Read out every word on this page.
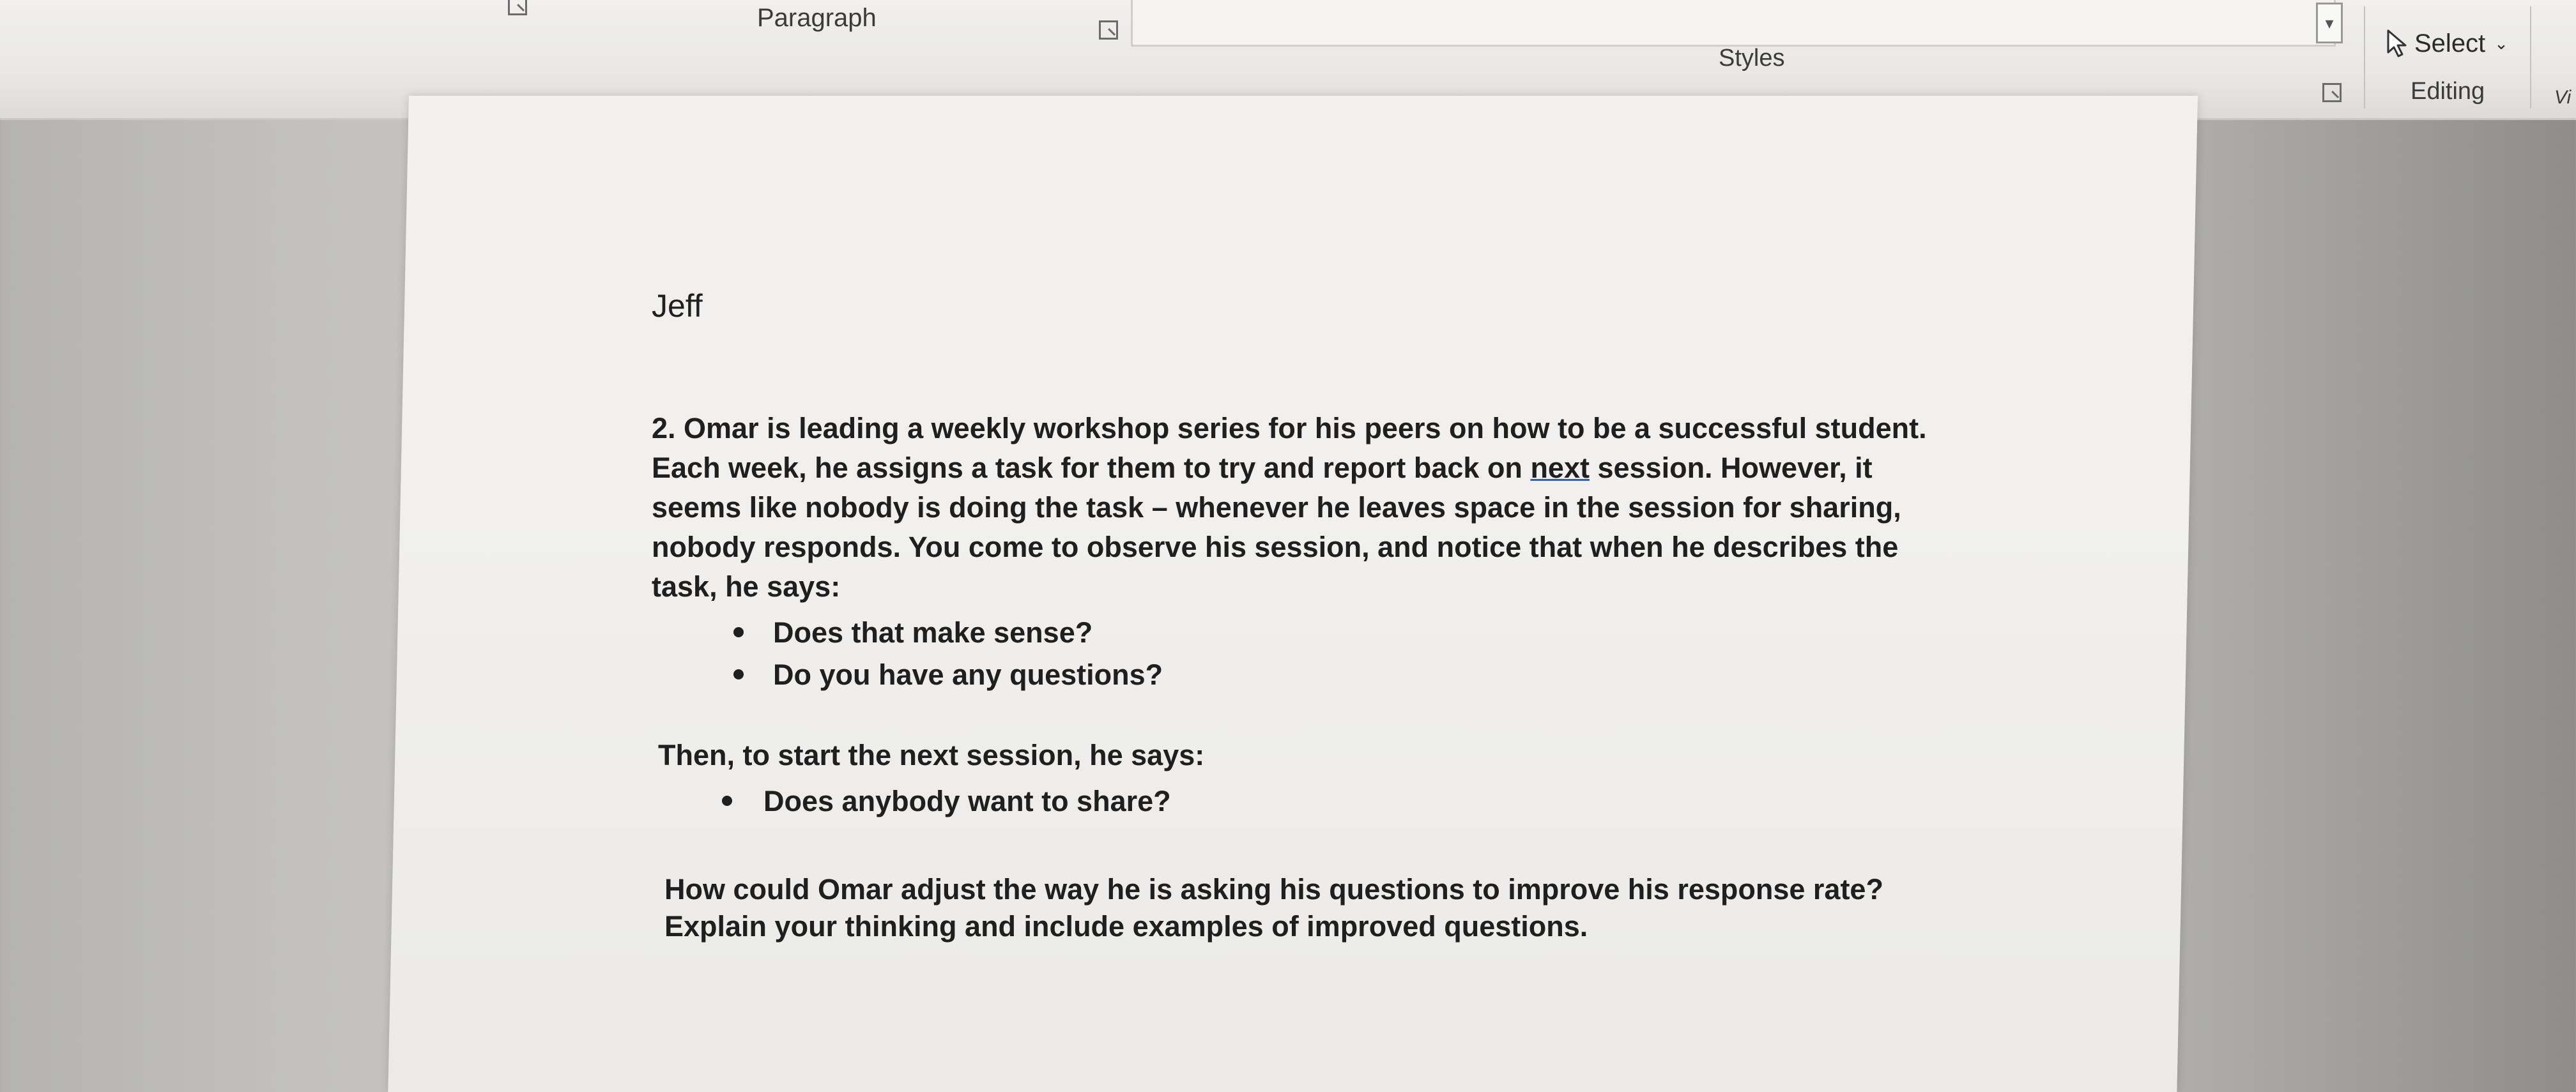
Paragraph
Styles
▾
Select ⌄
Editing	Vi

Jeff

2. Omar is leading a weekly workshop series for his peers on how to be a successful student.
Each week, he assigns a task for them to try and report back on next session. However, it
seems like nobody is doing the task – whenever he leaves space in the session for sharing,
nobody responds. You come to observe his session, and notice that when he describes the
task, he says:

Does that make sense?
Do you have any questions?

Then, to start the next session, he says:

Does anybody want to share?

How could Omar adjust the way he is asking his questions to improve his response rate?
Explain your thinking and include examples of improved questions.
